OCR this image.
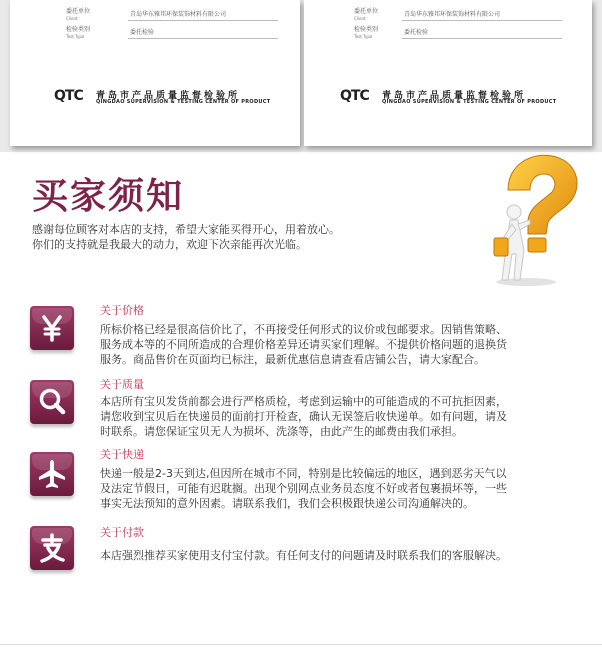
委托单位
Client
青岛华东雅邦环保装饰材料有限公司
检验类别
Test Type
委托检验
QTC	青岛市产品质量监督检验所
QINGDAO SUPERVISION & TESTING CENTER OF PRODUCT
委托单位
Client
青岛华东雅邦环保装饰材料有限公司
检验类别
Test Type
委托检验
QTC	青岛市产品质量监督检验所
QINGDAO SUPERVISION & TESTING CENTER OF PRODUCT
买家须知
感谢每位顾客对本店的支持，希望大家能买得开心，用着放心。
你们的支持就是我最大的动力，欢迎下次亲能再次光临。
关于价格
所标价格已经是很高信价比了，不再接受任何形式的议价或包邮要求。因销售策略、
服务成本等的不同所造成的合理价格差异还请买家们理解。不提供价格问题的退换货
服务。商品售价在页面均已标注，最新优惠信息请查看店铺公告，请大家配合。
关于质量
本店所有宝贝发货前都会进行严格质检，考虑到运输中的可能造成的不可抗拒因素，
请您收到宝贝后在快递员的面前打开检查，确认无误签后收快递单。如有问题，请及
时联系。请您保证宝贝无人为损坏、洗涤等，由此产生的邮费由我们承担。
关于快递
快递一般是2-3天到达,但因所在城市不同，特别是比较偏远的地区，遇到恶劣天气以
及法定节假日，可能有迟耽搁。出现个别网点业务员态度不好或者包裹损坏等，一些
事实无法预知的意外因素。请联系我们，我们会积极跟快递公司沟通解决的。
关于付款
本店强烈推荐买家使用支付宝付款。有任何支付的问题请及时联系我们的客服解决。
